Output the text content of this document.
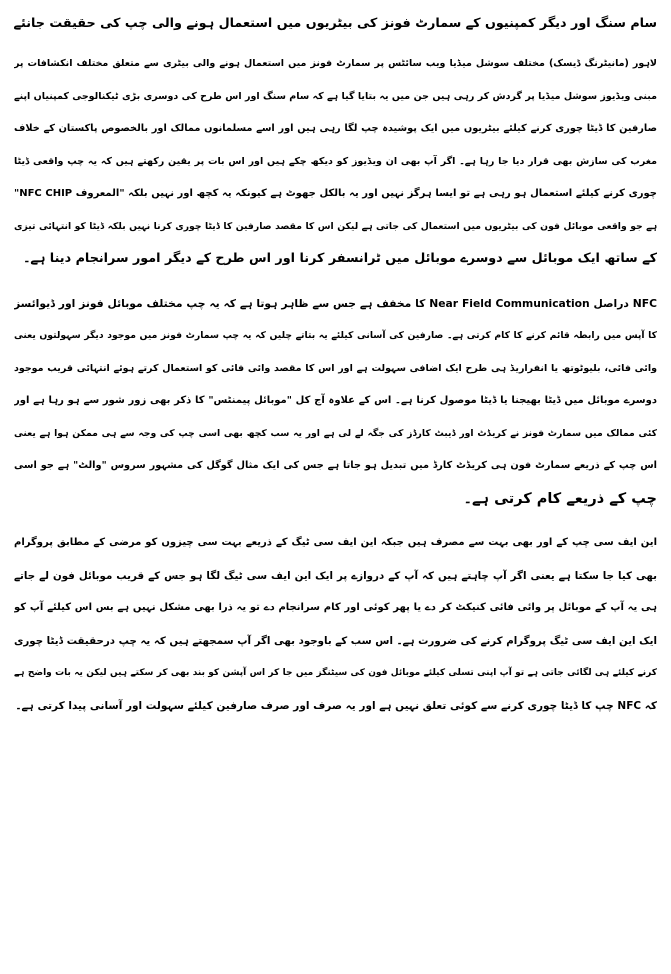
سام سنگ اور دیگر کمپنیوں کے سمارٹ فونز کی بیٹریوں میں استعمال ہونے والی چپ کی حقیقت جانئے
لاہور (مانیٹرنگ ڈیسک) مختلف سوشل میڈیا ویب سائٹس پر سمارٹ فونز میں استعمال ہونے والی بیٹری سے متعلق مختلف انکشافات پر
مبنی ویڈیوز سوشل میڈیا پر گردش کر رہی ہیں جن میں یہ بتایا گیا ہے کہ سام سنگ اور اس طرح کی دوسری بڑی ٹیکنالوجی کمپنیاں اپنے
صارفین کا ڈیٹا چوری کرنے کیلئے بیٹریوں میں ایک پوشیدہ چپ لگا رہی ہیں اور اسے مسلمانوں ممالک اور بالخصوص پاکستان کے خلاف
مغرب کی سازش بھی قرار دیا جا رہا ہے۔ اگر آپ بھی ان ویڈیوز کو دیکھ چکے ہیں اور اس بات پر یقین رکھتے ہیں کہ یہ چپ واقعی ڈیٹا
چوری کرنے کیلئے استعمال ہو رہی ہے تو ایسا ہرگز نہیں اور یہ بالکل جھوٹ ہے کیونکہ یہ کچھ اور نہیں بلکہ "المعروف NFC CHIP"
ہے جو واقعی موبائل فون کی بیٹریوں میں استعمال کی جاتی ہے لیکن اس کا مقصد صارفین کا ڈیٹا چوری کرنا نہیں بلکہ ڈیٹا کو انتہائی تیزی
کے ساتھ ایک موبائل سے دوسرے موبائل میں ٹرانسفر کرنا اور اس طرح کے دیگر امور سرانجام دینا ہے۔
NFC دراصل Near Field Communication کا مخفف ہے جس سے ظاہر ہوتا ہے کہ یہ چپ مختلف موبائل فونز اور ڈیوائسز
کا آپس میں رابطہ قائم کرنے کا کام کرتی ہے۔ صارفین کی آسانی کیلئے یہ بتاتے چلیں کہ یہ چپ سمارٹ فونز میں موجود دیگر سہولتوں یعنی
وائی فائی، بلیوٹوتھ یا انفراریڈ ہی طرح ایک اضافی سہولت ہے اور اس کا مقصد وائی فائی کو استعمال کرتے ہوئے انتہائی قریب موجود
دوسرے موبائل میں ڈیٹا بھیجنا یا ڈیٹا موصول کرنا ہے۔ اس کے علاوہ آج کل "موبائل پیمنٹس" کا ذکر بھی زور شور سے ہو رہا ہے اور
کئی ممالک میں سمارٹ فونز نے کریڈٹ اور ڈیبٹ کارڈز کی جگہ لے لی ہے اور یہ سب کچھ بھی اسی چپ کی وجہ سے ہی ممکن ہوا ہے یعنی
اس چپ کے ذریعے سمارٹ فون ہی کریڈٹ کارڈ میں تبدیل ہو جاتا ہے جس کی ایک مثال گوگل کی مشہور سروس "والٹ" ہے جو اسی
چپ کے ذریعے کام کرتی ہے۔
این ایف سی چپ کے اور بھی بہت سے مصرف ہیں جبکہ این ایف سی ٹیگ کے ذریعے بہت سی چیزوں کو مرضی کے مطابق پروگرام
بھی کیا جا سکتا ہے یعنی اگر آپ چاہتے ہیں کہ آپ کے دروازے پر ایک این ایف سی ٹیگ لگا ہو جس کے قریب موبائل فون لے جاتے
ہی یہ آپ کے موبائل پر وائی فائی کنیکٹ کر دے یا پھر کوئی اور کام سرانجام دے تو یہ ذرا بھی مشکل نہیں ہے بس اس کیلئے آپ کو
ایک این ایف سی ٹیگ پروگرام کرنے کی ضرورت ہے۔ اس سب کے باوجود بھی اگر آپ سمجھتے ہیں کہ یہ چپ درحقیقت ڈیٹا چوری
کرنے کیلئے ہی لگائی جاتی ہے تو آپ اپنی تسلی کیلئے موبائل فون کی سیٹنگز میں جا کر اس آپشن کو بند بھی کر سکتے ہیں لیکن یہ بات واضح ہے
کہ NFC چپ کا ڈیٹا چوری کرنے سے کوئی تعلق نہیں ہے اور یہ صرف اور صرف صارفین کیلئے سہولت اور آسانی پیدا کرتی ہے۔
